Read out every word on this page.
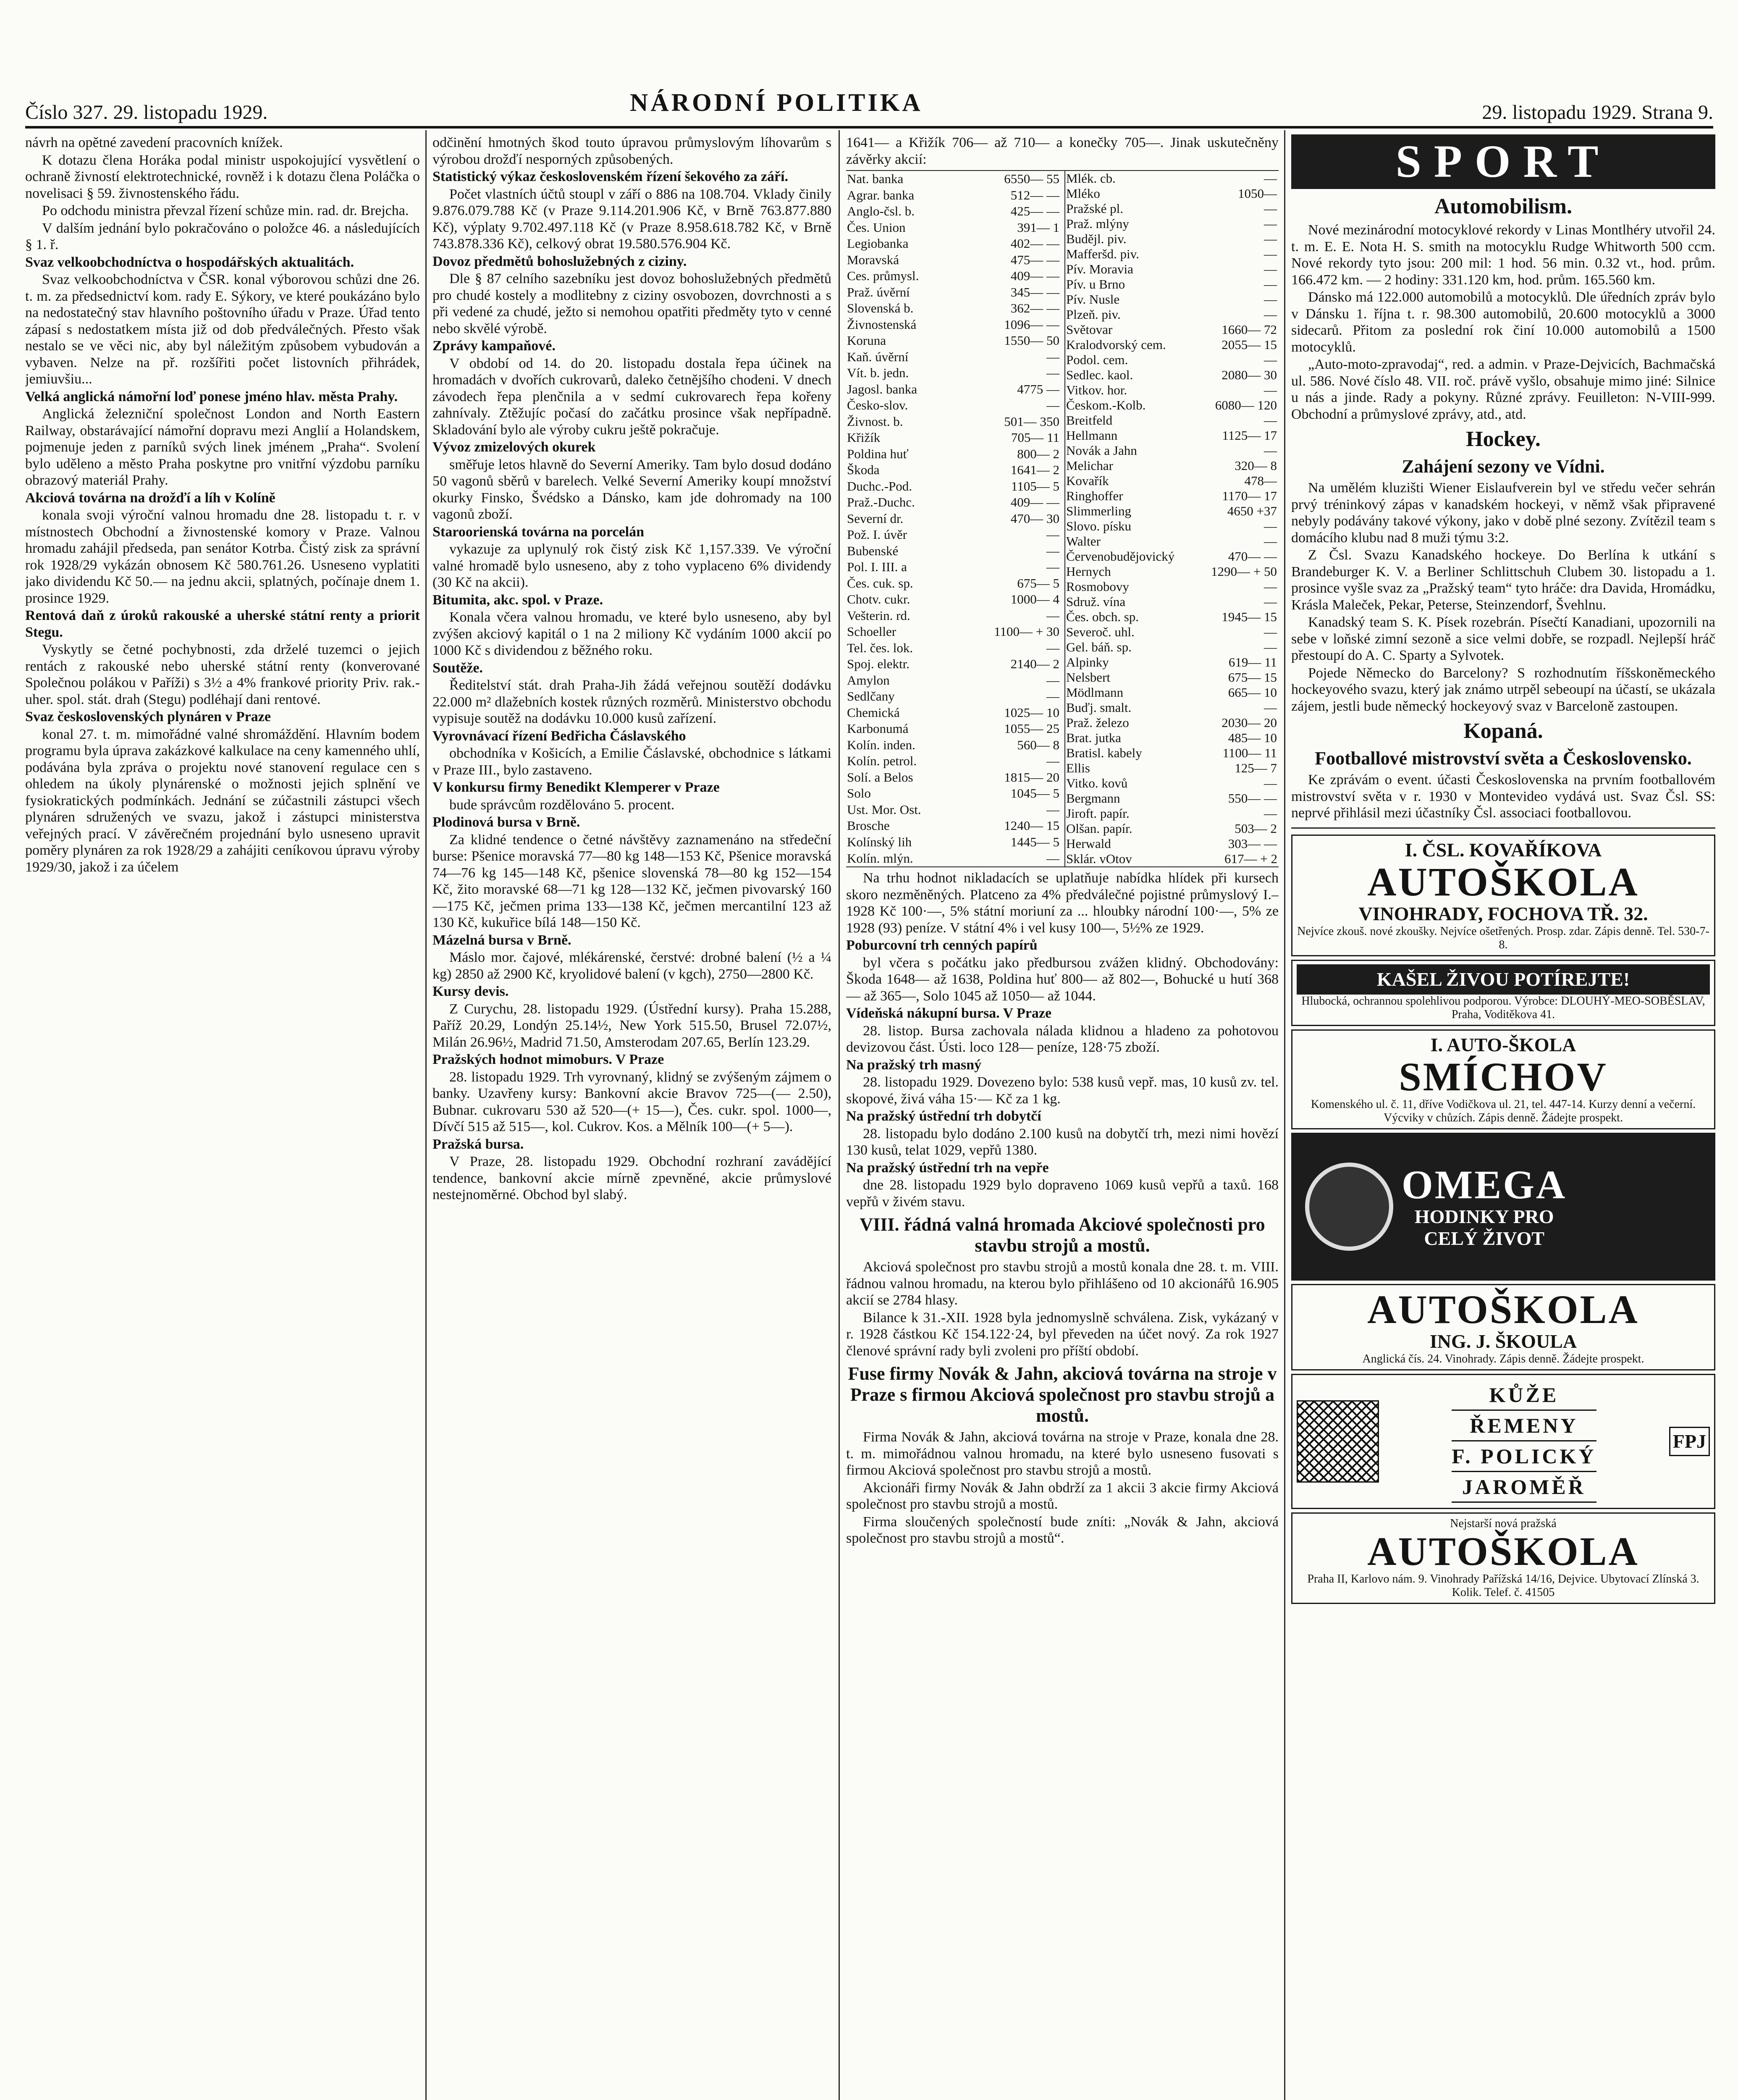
Číslo 327. 29. listopadu 1929.	29. listopadu 1929. Strana 9.
NÁRODNÍ POLITIKA

návrh na opětné zavedení pracovních knížek.

K dotazu člena Horáka podal ministr uspokojující vysvětlení o ochraně živností elektrotechnické, rovněž i k dotazu člena Poláčka o novelisaci § 59. živnostenského řádu.

Po odchodu ministra převzal řízení schůze min. rad. dr. Brejcha.

V dalším jednání bylo pokračováno o položce 46. a následujících § 1. ř.

Svaz velkoobchodníctva o hospodářských aktualitách.

Svaz velkoobchodníctva v ČSR. konal výborovou schůzi dne 26. t. m. za předsednictví kom. rady E. Sýkory, ve které poukázáno bylo na nedostatečný stav hlavního poštovního úřadu v Praze. Úřad tento zápasí s nedostatkem místa již od dob předválečných. Přesto však nestalo se ve věci nic, aby byl náležitým způsobem vybudován a vybaven. Nelze na př. rozšířiti počet listovních přihrádek, jemiuvšiu...

Velká anglická námořní loď ponese jméno hlav. města Prahy.

Anglická železniční společnost London and North Eastern Railway, obstarávající námořní dopravu mezi Anglií a Holandskem, pojmenuje jeden z parníků svých linek jménem „Praha“. Svolení bylo uděleno a město Praha poskytne pro vnitřní výzdobu parníku obrazový materiál Prahy.

Akciová továrna na drožďí a líh v Kolíně

konala svoji výroční valnou hromadu dne 28. listopadu t. r. v místnostech Obchodní a živnostenské komory v Praze. Valnou hromadu zahájil předseda, pan senátor Kotrba. Čistý zisk za správní rok 1928/29 vykázán obnosem Kč 580.761.26. Usneseno vyplatiti jako dividendu Kč 50.— na jednu akcii, splatných, počínaje dnem 1. prosince 1929.

Rentová daň z úroků rakouské a uherské státní renty a priorit Stegu.

Vyskytly se četné pochybnosti, zda drželé tuzemci o jejich rentách z rakouské nebo uherské státní renty (konverované Společnou polákou v Paříži) s 3½ a 4% frankové priority Priv. rak.-uher. spol. stát. drah (Stegu) podléhají dani rentové.

Svaz československých plynáren v Praze

konal 27. t. m. mimořádné valné shromáždění. Hlavním bodem programu byla úprava zakázkové kalkulace na ceny kamenného uhlí, podávána byla zpráva o projektu nové stanovení regulace cen s ohledem na úkoly plynárenské o možnosti jejich splnění ve fysiokratických podmínkách. Jednání se zúčastnili zástupci všech plynáren sdružených ve svazu, jakož i zástupci ministerstva veřejných prací. V závěrečném projednání bylo usneseno upravit poměry plynáren za rok 1928/29 a zahájiti ceníkovou úpravu výroby 1929/30, jakož i za účelem

odčinění hmotných škod touto úpravou průmyslovým líhovarům s výrobou drožďí nesporných způsobených.

Statistický výkaz československém řízení šekového za září.

Počet vlastních účtů stoupl v září o 886 na 108.704. Vklady činily 9.876.079.788 Kč (v Praze 9.114.201.906 Kč, v Brně 763.877.880 Kč), výplaty 9.702.497.118 Kč (v Praze 8.958.618.782 Kč, v Brně 743.878.336 Kč), celkový obrat 19.580.576.904 Kč.

Dovoz předmětů bohoslužebných z ciziny.

Dle § 87 celního sazebníku jest dovoz bohoslužebných předmětů pro chudé kostely a modlitebny z ciziny osvobozen, dovrchnosti a s při vedené za chudé, ježto si nemohou opatřiti předměty tyto v cenné nebo skvělé výrobě.

Zprávy kampaňové.

V období od 14. do 20. listopadu dostala řepa účinek na hromadách v dvořích cukrovarů, daleko četnějšího chodeni. V dnech závodech řepa plenčnila a v sedmí cukrovarech řepa kořeny zahnívaly. Ztěžujíc počasí do začátku prosince však nepřípadně. Skladování bylo ale výroby cukru ještě pokračuje.

Vývoz zmizelových okurek

směřuje letos hlavně do Severní Ameriky. Tam bylo dosud dodáno 50 vagonů sběrů v barelech. Velké Severní Ameriky koupí množství okurky Finsko, Švédsko a Dánsko, kam jde dohromady na 100 vagonů zboží.

Staroorienská továrna na porcelán

vykazuje za uplynulý rok čistý zisk Kč 1,157.339. Ve výroční valné hromadě bylo usneseno, aby z toho vyplaceno 6% dividendy (30 Kč na akcii).

Bitumita, akc. spol. v Praze.

Konala včera valnou hromadu, ve které bylo usneseno, aby byl zvýšen akciový kapitál o 1 na 2 miliony Kč vydáním 1000 akcií po 1000 Kč s dividendou z běžného roku.

Soutěže.

Ředitelství stát. drah Praha-Jih žádá veřejnou soutěží dodávku 22.000 m² dlažebních kostek různých rozměrů. Ministerstvo obchodu vypisuje soutěž na dodávku 10.000 kusů zařízení.

Vyrovnávací řízení Bedřicha Čáslavského

obchodníka v Košicích, a Emilie Čáslavské, obchodnice s látkami v Praze III., bylo zastaveno.

V konkursu firmy Benedikt Klemperer v Praze

bude správcům rozdělováno 5. procent.

Plodinová bursa v Brně.

Za klidné tendence o četné návštěvy zaznamenáno na středeční burse: Pšenice moravská 77—80 kg 148—153 Kč, Pšenice moravská 74—76 kg 145—148 Kč, pšenice slovenská 78—80 kg 152—154 Kč, žito moravské 68—71 kg 128—132 Kč, ječmen pivovarský 160—175 Kč, ječmen prima 133—138 Kč, ječmen mercantilní 123 až 130 Kč, kukuřice bílá 148—150 Kč.

Mázelná bursa v Brně.

Máslo mor. čajové, mlékárenské, čerstvé: drobné balení (½ a ¼ kg) 2850 až 2900 Kč, kryolidové balení (v kgch), 2750—2800 Kč.

Kursy devis.

Z Curychu, 28. listopadu 1929. (Ústřední kursy). Praha 15.288, Paříž 20.29, Londýn 25.14½, New York 515.50, Brusel 72.07½, Milán 26.96½, Madrid 71.50, Amsterodam 207.65, Berlín 123.29.

Pražských hodnot mimoburs. V Praze

28. listopadu 1929. Trh vyrovnaný, klidný se zvýšeným zájmem o banky. Uzavřeny kursy: Bankovní akcie Bravov 725—(— 2.50), Bubnar. cukrovaru 530 až 520—(+ 15—), Čes. cukr. spol. 1000—, Dívčí 515 až 515—, kol. Cukrov. Kos. a Mělník 100—(+ 5—).

Pražská bursa.

V Praze, 28. listopadu 1929. Obchodní rozhraní zavádějící tendence, bankovní akcie mírně zpevněné, akcie průmyslové nestejnoměrné. Obchod byl slabý.

1641— a Křižík 706— až 710— a konečky 705—. Jinak uskutečněny závěrky akcií:

Nat. banka	6550— 55
Agrar. banka	512— —
Anglo-čsl. b.	425— —
Čes. Union	391— 1
Legiobanka	402— —
Moravská	475— —
Ces. průmysl.	409— —
Praž. úvěrní	345— —
Slovenská b.	362— —
Živnostenská	1096— —
Koruna	1550— 50
Kaň. úvěrní	—
Vít. b. jedn.	—
Jagosl. banka	4775 —
Česko-slov.	—
Živnost. b.	501— 350
Křižík	705— 11
Poldina huť	800— 2
Škoda	1641— 2
Duchc.-Pod.	1105— 5
Praž.-Duchc.	409— —
Severní dr.	470— 30
Pož. I. úvěr	—
Bubenské	—
Pol. I. III. a	—
Čes. cuk. sp.	675— 5
Chotv. cukr.	1000— 4
Vešterin. rd.	—
Schoeller	1100— + 30
Tel. čes. lok.	—
Spoj. elektr.	2140— 2
Amylon	—
Sedlčany	—
Chemická	1025— 10
Karbonumá	1055— 25
Kolín. inden.	560— 8
Kolín. petrol.	—
Solí. a Belos	1815— 20
Solo	1045— 5
Ust. Mor. Ost.	—
Brosche	1240— 15
Kolínský lih	1445— 5
Kolín. mlýn.	—
Mlék. cb.	—
Mléko	1050—
Pražské pl.	—
Praž. mlýny	—
Budějl. piv.	—
Mafferšd. piv.	—
Pív. Moravia	—
Pív. u Brno	—
Pív. Nusle	—
Plzeň. piv.	—
Světovar	1660— 72
Kralodvorský cem.	2055— 15
Podol. cem.	—
Sedlec. kaol.	2080— 30
Vitkov. hor.	—
Českom.-Kolb.	6080— 120
Breitfeld	—
Hellmann	1125— 17
Novák a Jahn	—
Melichar	320— 8
Kovařík	478—
Ringhoffer	1170— 17
Slimmerling	4650 +37
Slovo. písku	—
Walter	—
Červenobudějovický	470— —
Hernych	1290— + 50
Rosmobovy	—
Sdruž. vína	—
Čes. obch. sp.	1945— 15
Severoč. uhl.	—
Gel. báň. sp.	—
Alpinky	619— 11
Nelsbert	675— 15
Mödlmann	665— 10
Buďj. smalt.	—
Praž. železo	2030— 20
Brat. jutka	485— 10
Bratisl. kabely	1100— 11
Ellis	125— 7
Vitko. kovů	—
Bergmann	550— —
Jiroft. papír.	—
Olšan. papír.	503— 2
Herwald	303— —
Sklár. vOtov	617— + 2

Na trhu hodnot nikladacích se uplatňuje nabídka hlídek při kursech skoro nezměněných. Platceno za 4% předválečné pojistné průmyslový I.–1928 Kč 100·—, 5% státní moriuní za ... hloubky národní 100·—, 5% ze 1928 (93) peníze. V státní 4% i vel kusy 100—, 5½% ze 1929.

Poburcovní trh cenných papírů

byl včera s počátku jako předbursou zvážen klidný. Obchodovány: Škoda 1648— až 1638, Poldina huť 800— až 802—, Bohucké u hutí 368— až 365—, Solo 1045 až 1050— až 1044.

Vídeňská nákupní bursa. V Praze

28. listop. Bursa zachovala nálada klidnou a hladeno za pohotovou devizovou část. Ústi. loco 128— peníze, 128·75 zboží.

Na pražský trh masný

28. listopadu 1929. Dovezeno bylo: 538 kusů vepř. mas, 10 kusů zv. tel. skopové, živá váha 15·— Kč za 1 kg.

Na pražský ústřední trh dobytčí

28. listopadu bylo dodáno 2.100 kusů na dobytčí trh, mezi nimi hovězí 130 kusů, telat 1029, vepřů 1380.

Na pražský ústřední trh na vepře

dne 28. listopadu 1929 bylo dopraveno 1069 kusů vepřů a taxů. 168 vepřů v živém stavu.

VIII. řádná valná hromada Akciové společnosti pro stavbu strojů a mostů.

Akciová společnost pro stavbu strojů a mostů konala dne 28. t. m. VIII. řádnou valnou hromadu, na kterou bylo přihlášeno od 10 akcionářů 16.905 akcií se 2784 hlasy.

Bilance k 31.-XII. 1928 byla jednomyslně schválena. Zisk, vykázaný v r. 1928 částkou Kč 154.122·24, byl převeden na účet nový. Za rok 1927 členové správní rady byli zvoleni pro příští období.

Fuse firmy Novák & Jahn, akciová továrna na stroje v Praze s firmou Akciová společnost pro stavbu strojů a mostů.

Firma Novák & Jahn, akciová továrna na stroje v Praze, konala dne 28. t. m. mimořádnou valnou hromadu, na které bylo usneseno fusovati s firmou Akciová společnost pro stavbu strojů a mostů.

Akcionáři firmy Novák & Jahn obdrží za 1 akcii 3 akcie firmy Akciová společnost pro stavbu strojů a mostů.

Firma sloučených společností bude zníti: „Novák & Jahn, akciová společnost pro stavbu strojů a mostů“.

SPORT
Automobilism.

Nové mezinárodní motocyklové rekordy v Linas Montlhéry utvořil 24. t. m. E. E. Nota H. S. smith na motocyklu Rudge Whitworth 500 ccm. Nové rekordy tyto jsou: 200 mil: 1 hod. 56 min. 0.32 vt., hod. prům. 166.472 km. — 2 hodiny: 331.120 km, hod. prům. 165.560 km.

Dánsko má 122.000 automobilů a motocyklů. Dle úředních zpráv bylo v Dánsku 1. října t. r. 98.300 automobilů, 20.600 motocyklů a 3000 sidecarů. Přitom za poslední rok činí 10.000 automobilů a 1500 motocyklů.

„Auto-moto-zpravodaj“, red. a admin. v Praze-Dejvicích, Bachmačská ul. 586. Nové číslo 48. VII. roč. právě vyšlo, obsahuje mimo jiné: Silnice u nás a jinde. Rady a pokyny. Různé zprávy. Feuilleton: N-VIII-999. Obchodní a průmyslové zprávy, atd., atd.

Hockey.
Zahájení sezony ve Vídni.

Na umělém kluzišti Wiener Eislaufverein byl ve středu večer sehrán prvý tréninkový zápas v kanadském hockeyi, v němž však připravené nebyly podávány takové výkony, jako v době plné sezony. Zvítězil team s domácího klubu nad 8 muži týmu 3:2.

Z Čsl. Svazu Kanadského hockeye. Do Berlína k utkání s Brandeburger K. V. a Berliner Schlittschuh Clubem 30. listopadu a 1. prosince vyšle svaz za „Pražský team“ tyto hráče: dra Davida, Hromádku, Krásla Maleček, Pekar, Peterse, Steinzendorf, Švehlnu.

Kanadský team S. K. Písek rozebrán. Písečtí Kanadiani, upozornili na sebe v loňské zimní sezoně a sice velmi dobře, se rozpadl. Nejlepší hráč přestoupí do A. C. Sparty a Sylvotek.

Pojede Německo do Barcelony? S rozhodnutím říšskoněmeckého hockeyového svazu, který jak známo utrpěl sebeoupí na účastí, se ukázala zájem, jestli bude německý hockeyový svaz v Barceloně zastoupen.

Kopaná.
Footballové mistrovství světa a Československo.

Ke zprávám o event. účasti Československa na prvním footballovém mistrovství světa v r. 1930 v Montevideo vydává ust. Svaz Čsl. SS: neprvé přihlásil mezi účastníky Čsl. associaci footballovou.

I. ČSL. KOVAŘÍKOVA
AUTOŠKOLA
VINOHRADY, FOCHOVA TŘ. 32.
Nejvíce zkouš. nové zkoušky. Nejvíce ošetřených. Prosp. zdar. Zápis denně. Tel. 530-7-8.
KAŠEL ŽIVOU POTÍREJTE!
Hlubocká, ochrannou spolehlivou podporou. Výrobce: DLOUHÝ-MEO-SOBĚSLAV, Praha, Voditěkova 41.
I. AUTO-ŠKOLA
SMÍCHOV
Komenského ul. č. 11, dříve Vodičkova ul. 21, tel. 447-14. Kurzy denní a večerní. Výcviky v chůzích. Zápis denně. Žádejte prospekt.
OMEGA
HODINKY PRO
CELÝ ŽIVOT
AUTOŠKOLA
ING. J. ŠKOULA
Anglická čís. 24. Vinohrady. Zápis denně. Žádejte prospekt.
KŮŽE
ŘEMENY
F. POLICKÝ
JAROMĚŘ
FPJ
Nejstarší nová pražská
AUTOŠKOLA
Praha II, Karlovo nám. 9. Vinohrady Pařížská 14/16, Dejvice. Ubytovací Zlínská 3. Kolik. Telef. č. 41505
